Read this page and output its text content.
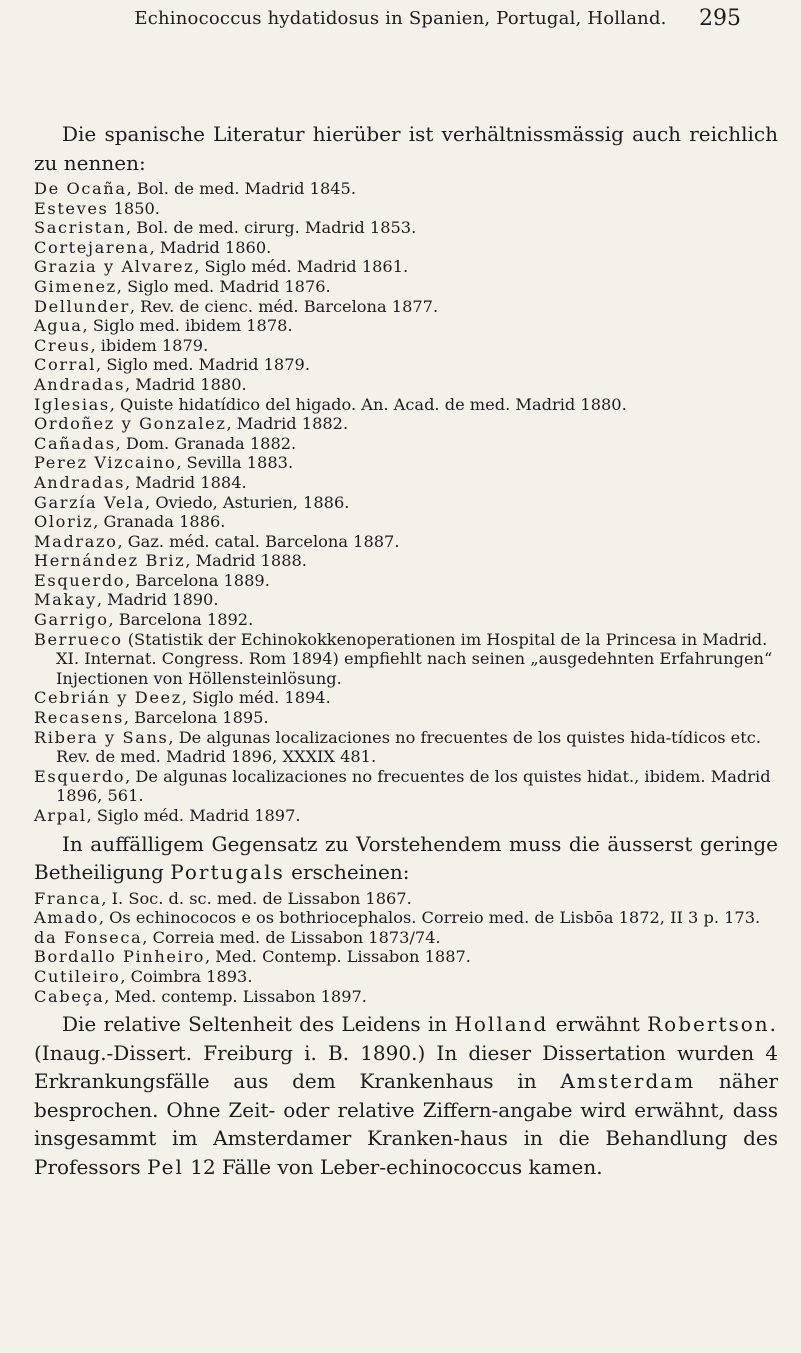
Echinococcus hydatidosus in Spanien, Portugal, Holland.	295

Die spanische Literatur hierüber ist verhältnissmässig auch reichlich zu nennen:

De Ocaña, Bol. de med. Madrid 1845.
Esteves 1850.
Sacristan, Bol. de med. cirurg. Madrid 1853.
Cortejarena, Madrid 1860.
Grazia y Alvarez, Siglo méd. Madrid 1861.
Gimenez, Siglo med. Madrid 1876.
Dellunder, Rev. de cienc. méd. Barcelona 1877.
Agua, Siglo med. ibidem 1878.
Creus, ibidem 1879.
Corral, Siglo med. Madrid 1879.
Andradas, Madrid 1880.
Iglesias, Quiste hidatídico del higado. An. Acad. de med. Madrid 1880.
Ordoñez y Gonzalez, Madrid 1882.
Cañadas, Dom. Granada 1882.
Perez Vizcaino, Sevilla 1883.
Andradas, Madrid 1884.
Garzía Vela, Oviedo, Asturien, 1886.
Oloriz, Granada 1886.
Madrazo, Gaz. méd. catal. Barcelona 1887.
Hernández Briz, Madrid 1888.
Esquerdo, Barcelona 1889.
Makay, Madrid 1890.
Garrigo, Barcelona 1892.
Berrueco (Statistik der Echinokokkenoperationen im Hospital de la Princesa in Madrid. XI. Internat. Congress. Rom 1894) empfiehlt nach seinen „ausgedehnten Erfahrungen“ Injectionen von Höllensteinlösung.
Cebrián y Deez, Siglo méd. 1894.
Recasens, Barcelona 1895.
Ribera y Sans, De algunas localizaciones no frecuentes de los quistes hida-tídicos etc. Rev. de med. Madrid 1896, XXXIX 481.
Esquerdo, De algunas localizaciones no frecuentes de los quistes hidat., ibidem. Madrid 1896, 561.
Arpal, Siglo méd. Madrid 1897.

In auffälligem Gegensatz zu Vorstehendem muss die äusserst geringe Betheiligung Portugals erscheinen:

Franca, I. Soc. d. sc. med. de Lissabon 1867.
Amado, Os echinococos e os bothriocephalos. Correio med. de Lisbōa 1872, II 3 p. 173.
da Fonseca, Correia med. de Lissabon 1873/74.
Bordallo Pinheiro, Med. Contemp. Lissabon 1887.
Cutileiro, Coimbra 1893.
Cabeça, Med. contemp. Lissabon 1897.

Die relative Seltenheit des Leidens in Holland erwähnt Robertson. (Inaug.-Dissert. Freiburg i. B. 1890.) In dieser Dissertation wurden 4 Erkrankungsfälle aus dem Krankenhaus in Amsterdam näher besprochen. Ohne Zeit- oder relative Ziffern-angabe wird erwähnt, dass insgesammt im Amsterdamer Kranken-haus in die Behandlung des Professors Pel 12 Fälle von Leber-echinococcus kamen.
